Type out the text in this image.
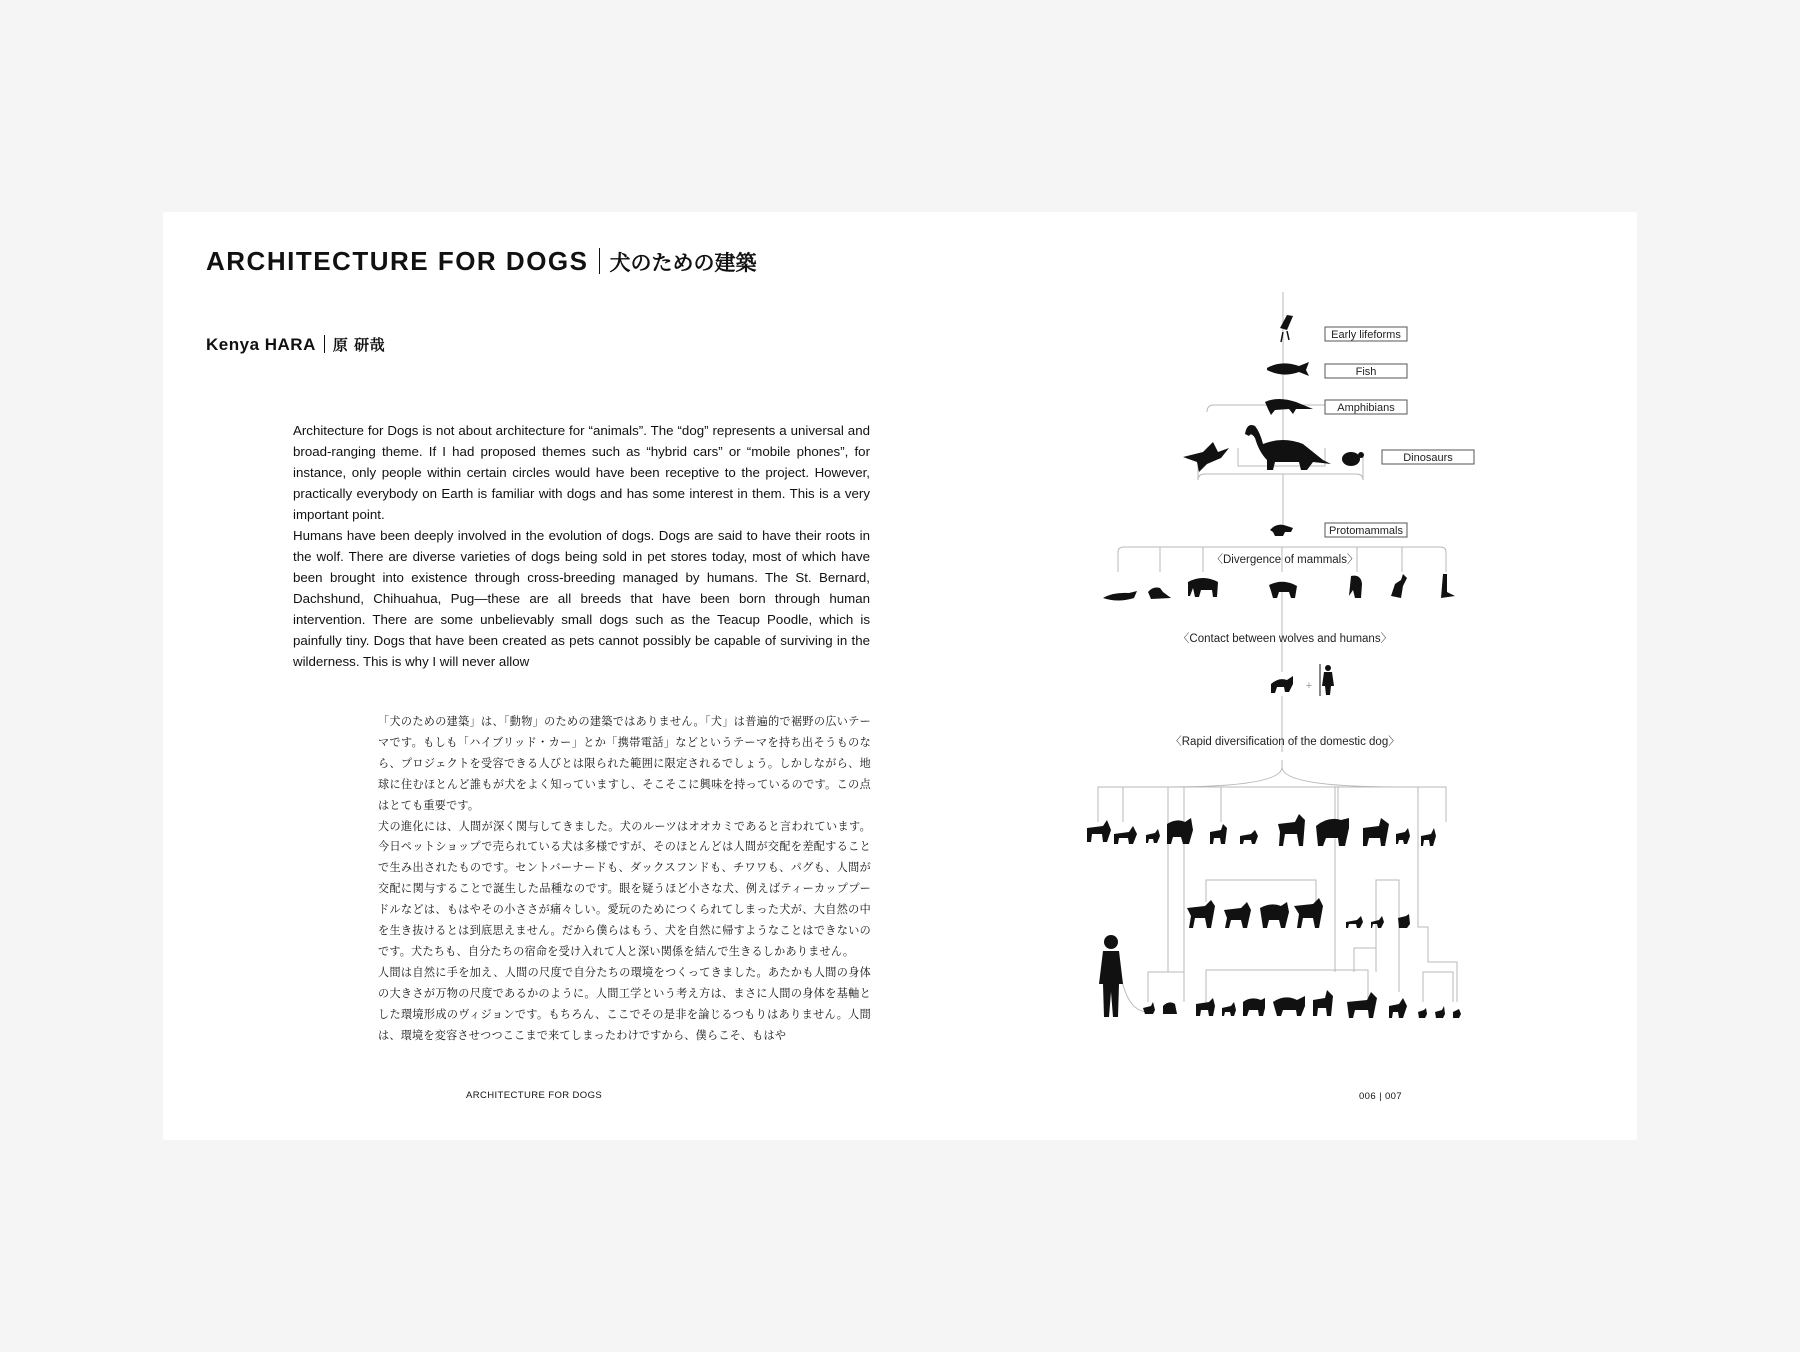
ARCHITECTURE FOR DOGS 犬のための建築
Kenya HARA 原 研哉

Architecture for Dogs is not about architecture for “animals”. The “dog” represents a universal and broad-ranging theme. If I had proposed themes such as “hybrid cars” or “mobile phones”, for instance, only people within certain circles would have been receptive to the project. However, practically everybody on Earth is familiar with dogs and has some interest in them. This is a very important point.

Humans have been deeply involved in the evolution of dogs. Dogs are said to have their roots in the wolf. There are diverse varieties of dogs being sold in pet stores today, most of which have been brought into existence through cross-breeding managed by humans. The St. Bernard, Dachshund, Chihuahua, Pug—these are all breeds that have been born through human intervention. There are some unbelievably small dogs such as the Teacup Poodle, which is painfully tiny. Dogs that have been created as pets cannot possibly be capable of surviving in the wilderness. This is why I will never allow

「犬のための建築」は、「動物」のための建築ではありません。「犬」は普遍的で裾野の広いテーマです。もしも「ハイブリッド・カー」とか「携帯電話」などというテーマを持ち出そうものなら、プロジェクトを受容できる人びとは限られた範囲に限定されるでしょう。しかしながら、地球に住むほとんど誰もが犬をよく知っていますし、そこそこに興味を持っているのです。この点はとても重要です。

犬の進化には、人間が深く関与してきました。犬のルーツはオオカミであると言われています。今日ペットショップで売られている犬は多様ですが、そのほとんどは人間が交配を差配することで生み出されたものです。セントバーナードも、ダックスフンドも、チワワも、パグも、人間が交配に関与することで誕生した品種なのです。眼を疑うほど小さな犬、例えばティーカッププードルなどは、もはやその小ささが痛々しい。愛玩のためにつくられてしまった犬が、大自然の中を生き抜けるとは到底思えません。だから僕らはもう、犬を自然に帰すようなことはできないのです。犬たちも、自分たちの宿命を受け入れて人と深い関係を結んで生きるしかありません。

人間は自然に手を加え、人間の尺度で自分たちの環境をつくってきました。あたかも人間の身体の大きさが万物の尺度であるかのように。人間工学という考え方は、まさに人間の身体を基軸とした環境形成のヴィジョンです。もちろん、ここでその是非を論じるつもりはありません。人間は、環境を変容させつつここまで来てしまったわけですから、僕らこそ、もはや

Early lifeforms
Fish
Amphibians
Dinosaurs
Protomammals
〈Divergence of mammals〉
〈Contact between wolves and humans〉
〈Rapid diversification of the domestic dog〉
+
ARCHITECTURE FOR DOGS	006 | 007
